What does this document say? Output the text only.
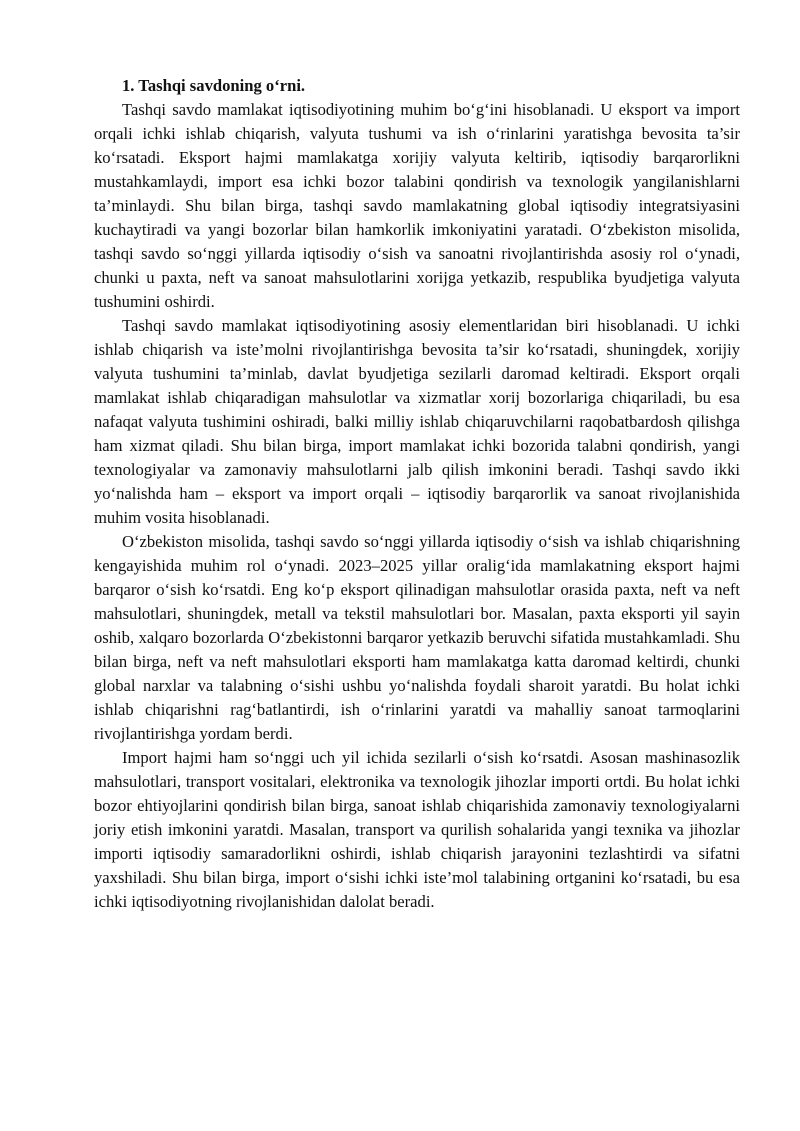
1. Tashqi savdoning o‘rni.

Tashqi savdo mamlakat iqtisodiyotining muhim bo‘g‘ini hisoblanadi. U eksport va import orqali ichki ishlab chiqarish, valyuta tushumi va ish o‘rinlarini yaratishga bevosita ta’sir ko‘rsatadi. Eksport hajmi mamlakatga xorijiy valyuta keltirib, iqtisodiy barqarorlikni mustahkamlaydi, import esa ichki bozor talabini qondirish va texnologik yangilanishlarni ta’minlaydi. Shu bilan birga, tashqi savdo mamlakatning global iqtisodiy integratsiyasini kuchaytiradi va yangi bozorlar bilan hamkorlik imkoniyatini yaratadi. O‘zbekiston misolida, tashqi savdo so‘nggi yillarda iqtisodiy o‘sish va sanoatni rivojlantirishda asosiy rol o‘ynadi, chunki u paxta, neft va sanoat mahsulotlarini xorijga yetkazib, respublika byudjetiga valyuta tushumini oshirdi.

Tashqi savdo mamlakat iqtisodiyotining asosiy elementlaridan biri hisoblanadi. U ichki ishlab chiqarish va iste’molni rivojlantirishga bevosita ta’sir ko‘rsatadi, shuningdek, xorijiy valyuta tushumini ta’minlab, davlat byudjetiga sezilarli daromad keltiradi. Eksport orqali mamlakat ishlab chiqaradigan mahsulotlar va xizmatlar xorij bozorlariga chiqariladi, bu esa nafaqat valyuta tushimini oshiradi, balki milliy ishlab chiqaruvchilarni raqobatbardosh qilishga ham xizmat qiladi. Shu bilan birga, import mamlakat ichki bozorida talabni qondirish, yangi texnologiyalar va zamonaviy mahsulotlarni jalb qilish imkonini beradi. Tashqi savdo ikki yo‘nalishda ham – eksport va import orqali – iqtisodiy barqarorlik va sanoat rivojlanishida muhim vosita hisoblanadi.

O‘zbekiston misolida, tashqi savdo so‘nggi yillarda iqtisodiy o‘sish va ishlab chiqarishning kengayishida muhim rol o‘ynadi. 2023–2025 yillar oralig‘ida mamlakatning eksport hajmi barqaror o‘sish ko‘rsatdi. Eng ko‘p eksport qilinadigan mahsulotlar orasida paxta, neft va neft mahsulotlari, shuningdek, metall va tekstil mahsulotlari bor. Masalan, paxta eksporti yil sayin oshib, xalqaro bozorlarda O‘zbekistonni barqaror yetkazib beruvchi sifatida mustahkamladi. Shu bilan birga, neft va neft mahsulotlari eksporti ham mamlakatga katta daromad keltirdi, chunki global narxlar va talabning o‘sishi ushbu yo‘nalishda foydali sharoit yaratdi. Bu holat ichki ishlab chiqarishni rag‘batlantirdi, ish o‘rinlarini yaratdi va mahalliy sanoat tarmoqlarini rivojlantirishga yordam berdi.

Import hajmi ham so‘nggi uch yil ichida sezilarli o‘sish ko‘rsatdi. Asosan mashinasozlik mahsulotlari, transport vositalari, elektronika va texnologik jihozlar importi ortdi. Bu holat ichki bozor ehtiyojlarini qondirish bilan birga, sanoat ishlab chiqarishida zamonaviy texnologiyalarni joriy etish imkonini yaratdi. Masalan, transport va qurilish sohalarida yangi texnika va jihozlar importi iqtisodiy samaradorlikni oshirdi, ishlab chiqarish jarayonini tezlashtirdi va sifatni yaxshiladi. Shu bilan birga, import o‘sishi ichki iste’mol talabining ortganini ko‘rsatadi, bu esa ichki iqtisodiyotning rivojlanishidan dalolat beradi.
